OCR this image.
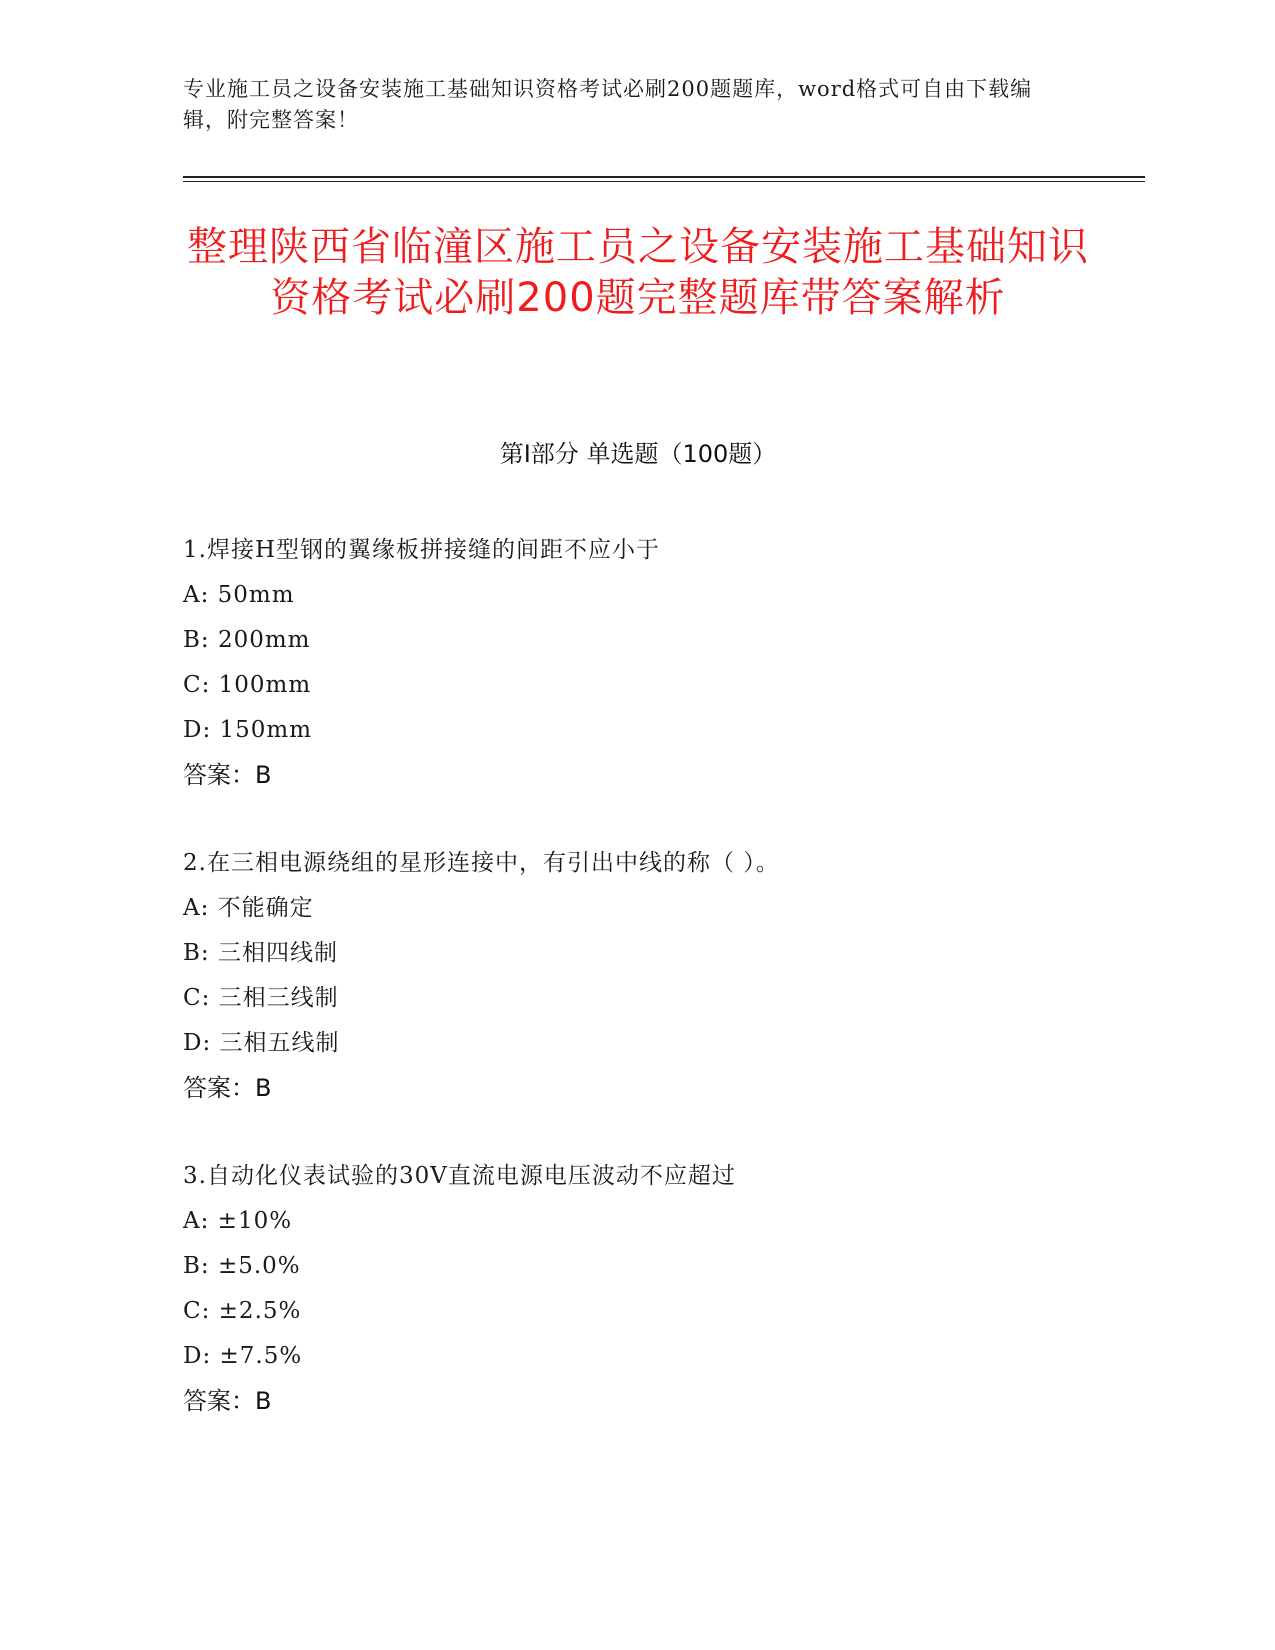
专业施工员之设备安装施工基础知识资格考试必刷200题题库，word格式可自由下载编辑，附完整答案！
整理陕西省临潼区施工员之设备安装施工基础知识资格考试必刷200题完整题库带答案解析
第Ⅰ部分 单选题（100题）
1.焊接H型钢的翼缘板拼接缝的间距不应小于
A: 50mm
B: 200mm
C: 100mm
D: 150mm
答案：B
2.在三相电源绕组的星形连接中，有引出中线的称（ ）。
A: 不能确定
B: 三相四线制
C: 三相三线制
D: 三相五线制
答案：B
3.自动化仪表试验的30V直流电源电压波动不应超过
A: ±10%
B: ±5.0%
C: ±2.5%
D: ±7.5%
答案：B
